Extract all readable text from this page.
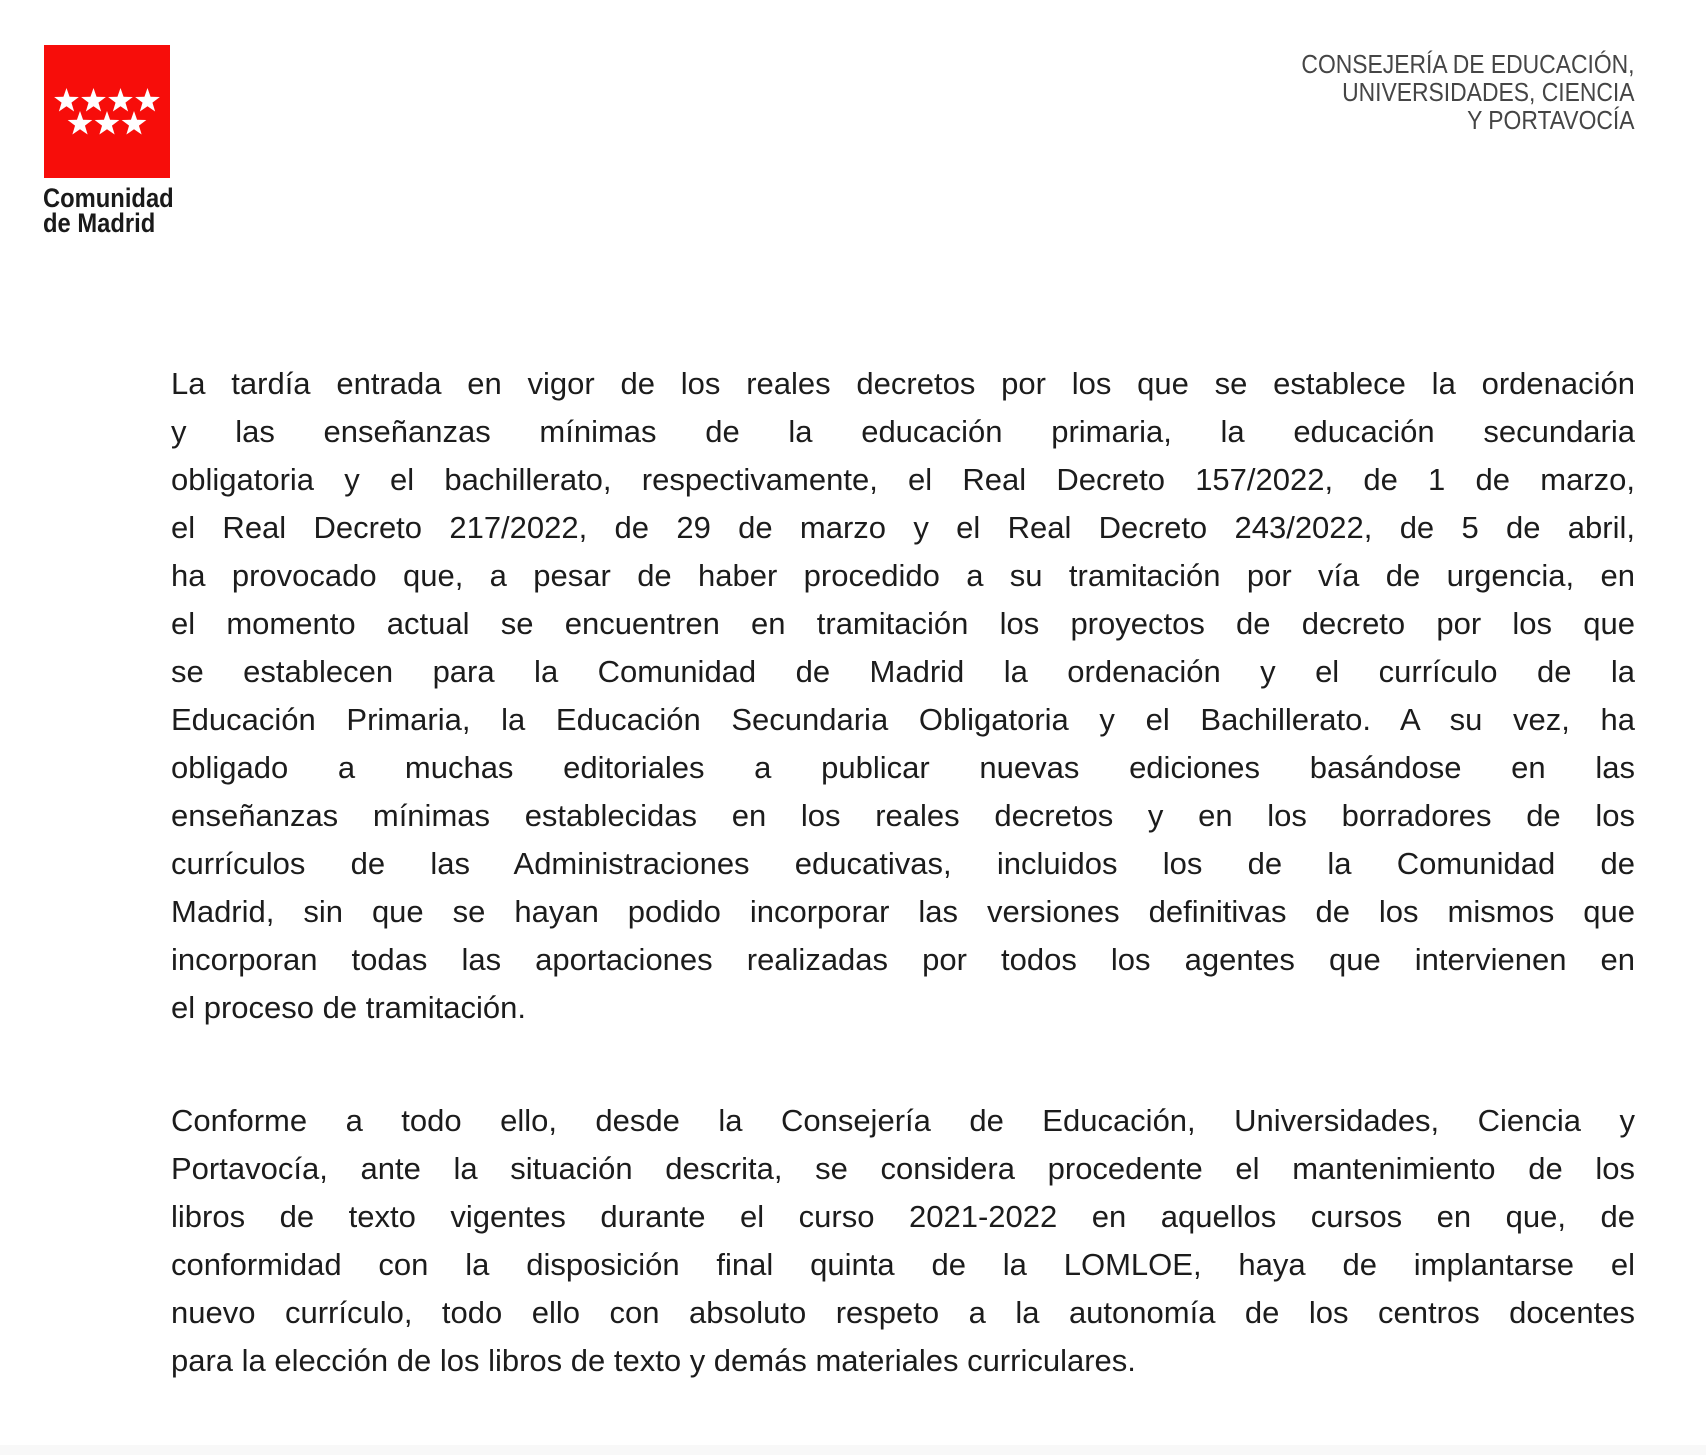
Comunidad
de Madrid
CONSEJERÍA DE EDUCACIÓN,
UNIVERSIDADES, CIENCIA
Y PORTAVOCÍA
La tardía entrada en vigor de los reales decretos por los que se establece la ordenación
y las enseñanzas mínimas de la educación primaria, la educación secundaria
obligatoria y el bachillerato, respectivamente, el Real Decreto 157/2022, de 1 de marzo,
el Real Decreto 217/2022, de 29 de marzo y el Real Decreto 243/2022, de 5 de abril,
ha provocado que, a pesar de haber procedido a su tramitación por vía de urgencia, en
el momento actual se encuentren en tramitación los proyectos de decreto por los que
se establecen para la Comunidad de Madrid la ordenación y el currículo de la
Educación Primaria, la Educación Secundaria Obligatoria y el Bachillerato. A su vez, ha
obligado a muchas editoriales a publicar nuevas ediciones basándose en las
enseñanzas mínimas establecidas en los reales decretos y en los borradores de los
currículos de las Administraciones educativas, incluidos los de la Comunidad de
Madrid, sin que se hayan podido incorporar las versiones definitivas de los mismos que
incorporan todas las aportaciones realizadas por todos los agentes que intervienen en
el proceso de tramitación.
Conforme a todo ello, desde la Consejería de Educación, Universidades, Ciencia y
Portavocía, ante la situación descrita, se considera procedente el mantenimiento de los
libros de texto vigentes durante el curso 2021-2022 en aquellos cursos en que, de
conformidad con la disposición final quinta de la LOMLOE, haya de implantarse el
nuevo currículo, todo ello con absoluto respeto a la autonomía de los centros docentes
para la elección de los libros de texto y demás materiales curriculares.
